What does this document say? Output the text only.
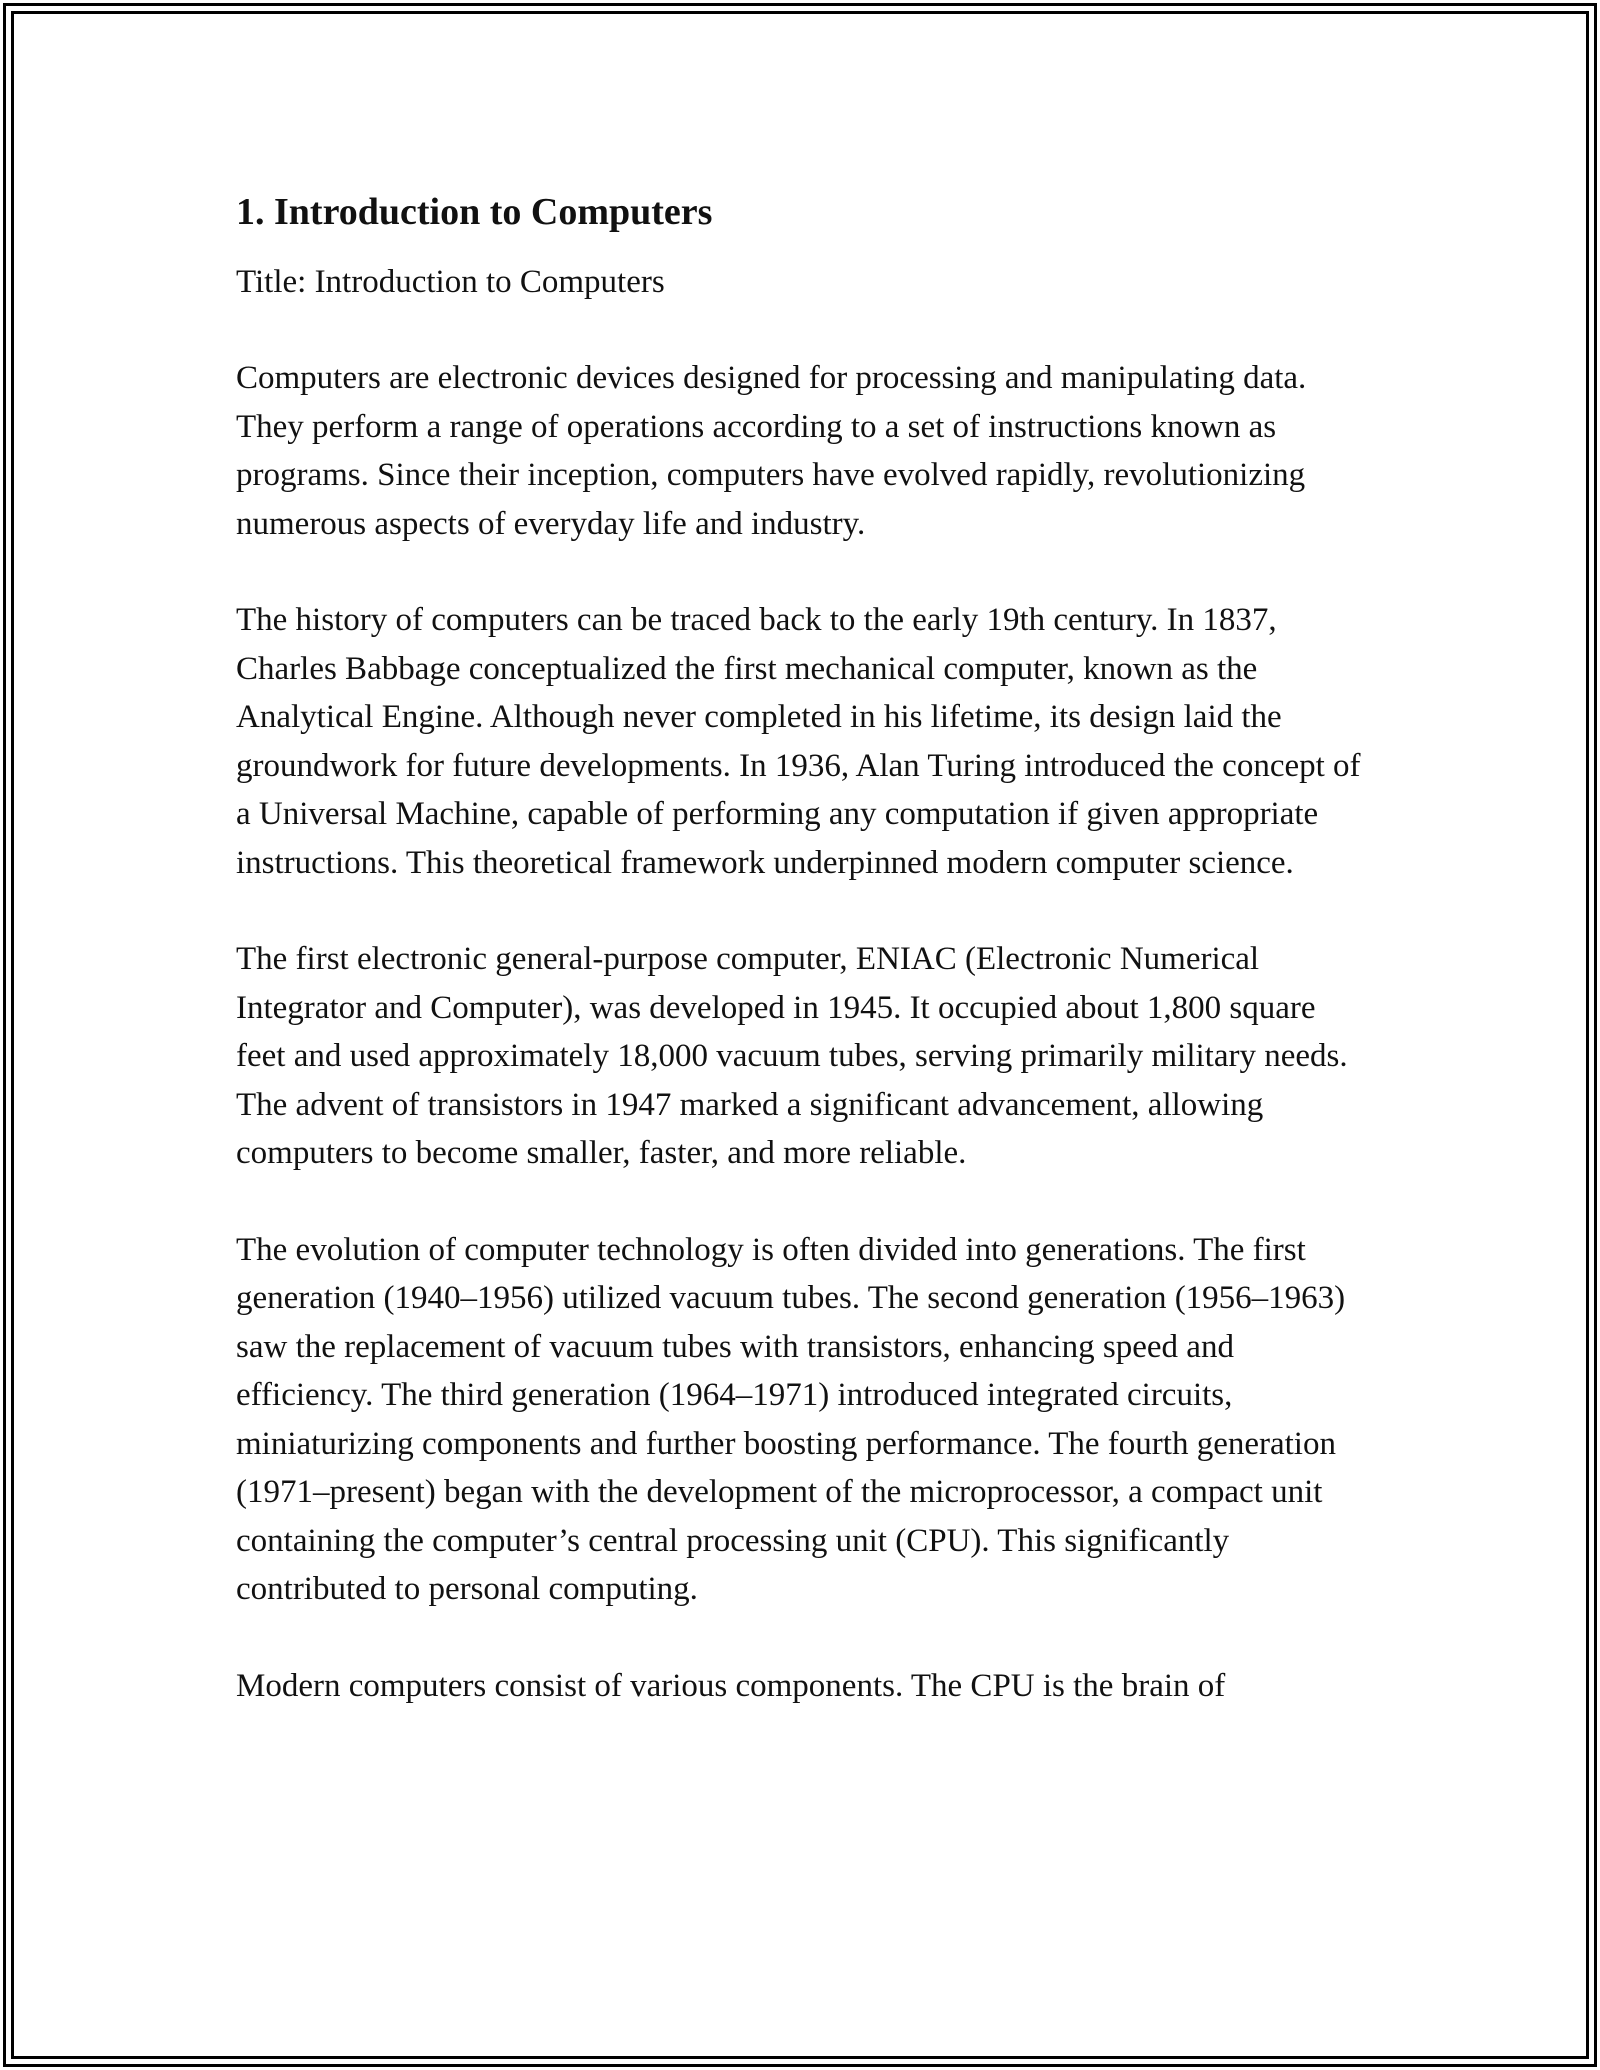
1. Introduction to Computers
Title: Introduction to Computers

Computers are electronic devices designed for processing and manipulating data. They perform a range of operations according to a set of instructions known as programs. Since their inception, computers have evolved rapidly, revolutionizing numerous aspects of everyday life and industry.

The history of computers can be traced back to the early 19th century. In 1837, Charles Babbage conceptualized the first mechanical computer, known as the Analytical Engine. Although never completed in his lifetime, its design laid the groundwork for future developments. In 1936, Alan Turing introduced the concept of a Universal Machine, capable of performing any computation if given appropriate instructions. This theoretical framework underpinned modern computer science.

The first electronic general-purpose computer, ENIAC (Electronic Numerical Integrator and Computer), was developed in 1945. It occupied about 1,800 square feet and used approximately 18,000 vacuum tubes, serving primarily military needs. The advent of transistors in 1947 marked a significant advancement, allowing computers to become smaller, faster, and more reliable.

The evolution of computer technology is often divided into generations. The first generation (1940–1956) utilized vacuum tubes. The second generation (1956–1963) saw the replacement of vacuum tubes with transistors, enhancing speed and efficiency. The third generation (1964–1971) introduced integrated circuits, miniaturizing components and further boosting performance. The fourth generation (1971–present) began with the development of the microprocessor, a compact unit containing the computer’s central processing unit (CPU). This significantly contributed to personal computing.

Modern computers consist of various components. The CPU is the brain of
